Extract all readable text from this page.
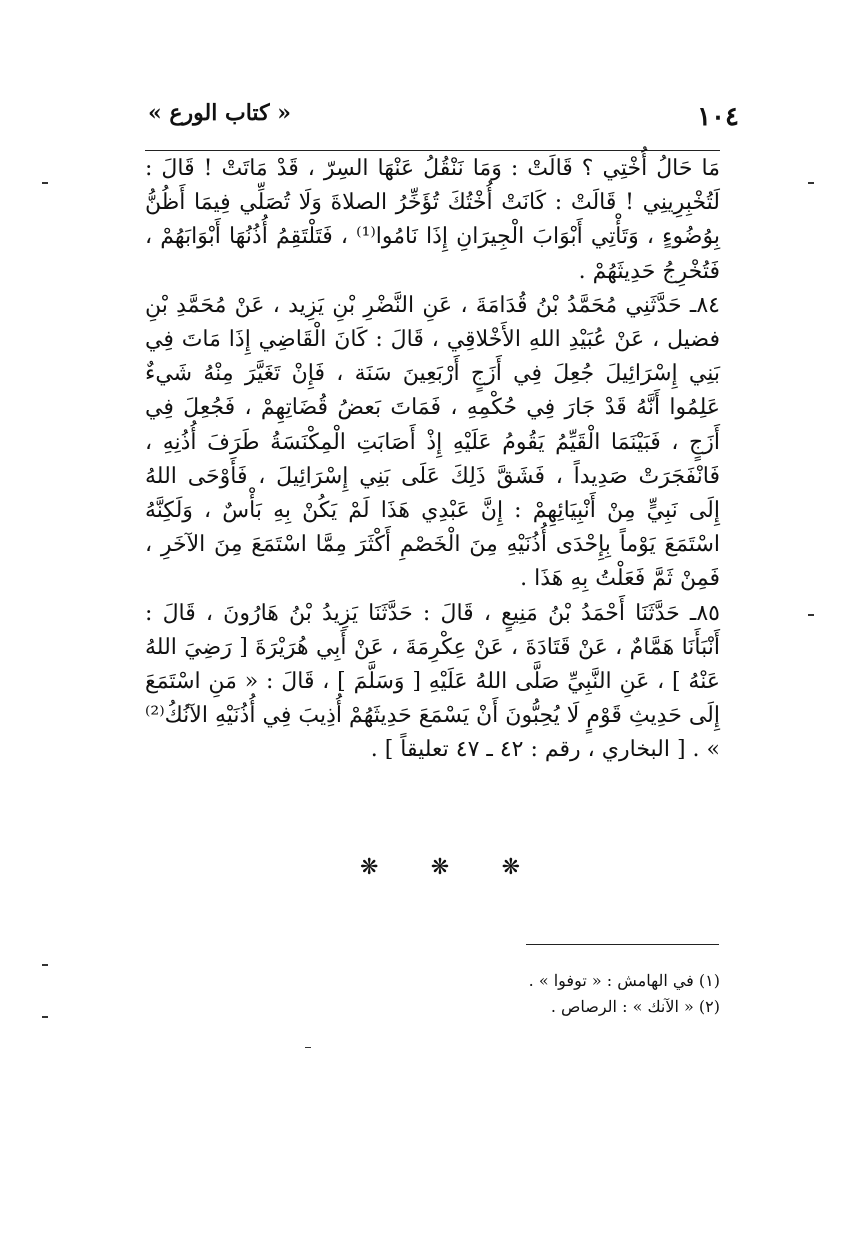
١٠٤
« كتاب الورع »

مَا حَالُ أُخْتِي ؟ قَالَتْ : وَمَا نَنْقُلُ عَنْهَا السِرّ ، قَدْ مَاتَتْ ! قَالَ : لَتُخْبِرِينِي ! قَالَتْ : كَانَتْ أُخْتُكَ تُؤَخِّرُ الصلاةَ وَلَا تُصَلِّي فِيمَا أَظُنُّ بِوُضُوءٍ ، وَتَأْتِي أَبْوَابَ الْجِيرَانِ إِذَا نَامُوا⁽¹⁾ ، فَتَلْتَقِمُ أُذُنُهَا أَبْوَابَهُمْ ، فَتُخْرِجُ حَدِيثَهُمْ .

٨٤ـ حَدَّثَنِي مُحَمَّدُ بْنُ قُدَامَةَ ، عَنِ النَّضْرِ بْنِ يَزِيد ، عَنْ مُحَمَّدِ بْنِ فضيل ، عَنْ عُبَيْدِ اللهِ الأَخْلاقِي ، قَالَ : كَانَ الْقَاضِي إِذَا مَاتَ فِي بَنِي إِسْرَائِيلَ جُعِلَ فِي أَزَجٍ أَرْبَعِينَ سَنَة ، فَإِنْ تَغَيَّرَ مِنْهُ شَيءٌ عَلِمُوا أَنَّهُ قَدْ جَارَ فِي حُكْمِهِ ، فَمَاتَ بَعضُ قُضَاتِهِمْ ، فَجُعِلَ فِي أَزَجٍ ، فَبَيْنَمَا الْقَيِّمُ يَقُومُ عَلَيْهِ إِذْ أَصَابَتِ الْمِكْنَسَةُ طَرَفَ أُذُنِهِ ، فَانْفَجَرَتْ صَدِيداً ، فَشَقَّ ذَلِكَ عَلَى بَنِي إِسْرَائِيلَ ، فَأَوْحَى اللهُ إِلَى نَبِيٍّ مِنْ أَنْبِيَائِهِمْ : إِنَّ عَبْدِي هَذَا لَمْ يَكُنْ بِهِ بَأْسٌ ، وَلَكِنَّهُ اسْتَمَعَ يَوْماً بِإِحْدَى أُذُنَيْهِ مِنَ الْخَصْمِ أَكْثَرَ مِمَّا اسْتَمَعَ مِنَ الآخَرِ ، فَمِنْ ثَمَّ فَعَلْتُ بِهِ هَذَا .

٨٥ـ حَدَّثَنَا أَحْمَدُ بْنُ مَنِيعٍ ، قَالَ : حَدَّثَنَا يَزِيدُ بْنُ هَارُونَ ، قَالَ : أَنْبَأَنَا هَمَّامٌ ، عَنْ قَتَادَةَ ، عَنْ عِكْرِمَةَ ، عَنْ أَبِي هُرَيْرَةَ [ رَضِيَ اللهُ عَنْهُ ] ، عَنِ النَّبِيِّ صَلَّى اللهُ عَلَيْهِ [ وَسَلَّمَ ] ، قَالَ : « مَنِ اسْتَمَعَ إِلَى حَدِيثِ قَوْمٍ لَا يُحِبُّونَ أَنْ يَسْمَعَ حَدِيثَهُمْ أُذِيبَ فِي أُذُنَيْهِ الآنُكُ⁽²⁾ » . [ البخاري ، رقم : ٤٢ ـ ٤٧ تعليقاً ] .

❋ ❋ ❋

(١) في الهامش : « توفوا » .

(٢) « الآنك » : الرصاص .
